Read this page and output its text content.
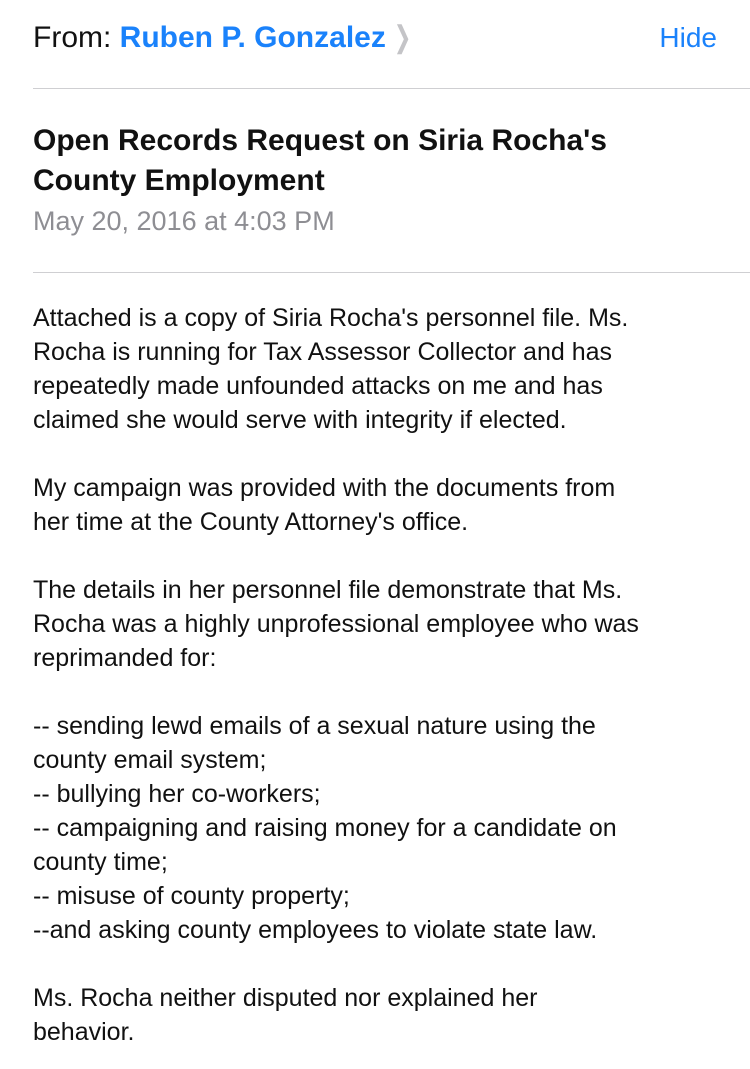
From: Ruben P. Gonzalez ❯	Hide
Open Records Request on Siria Rocha's
County Employment
May 20, 2016 at 4:03 PM
Attached is a copy of Siria Rocha's personnel file. Ms.
Rocha is running for Tax Assessor Collector and has
repeatedly made unfounded attacks on me and has
claimed she would serve with integrity if elected.
My campaign was provided with the documents from
her time at the County Attorney's office.
The details in her personnel file demonstrate that Ms.
Rocha was a highly unprofessional employee who was
reprimanded for:
-- sending lewd emails of a sexual nature using the
county email system;
-- bullying her co-workers;
-- campaigning and raising money for a candidate on
county time;
-- misuse of county property;
--and asking county employees to violate state law.
Ms. Rocha neither disputed nor explained her
behavior.
